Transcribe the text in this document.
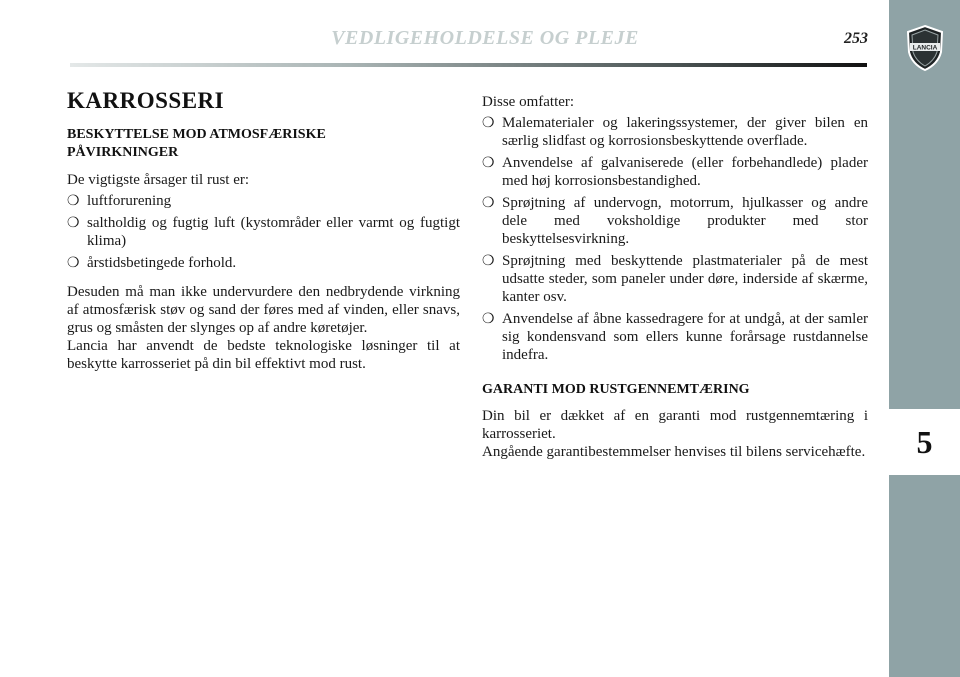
LANCIA
5
VEDLIGEHOLDELSE OG PLEJE	253
KARROSSERI

BESKYTTELSE MOD ATMOSFÆRISKE

PÅVIRKNINGER

De vigtigste årsager til rust er:

❍ luftforurening

❍ saltholdig og fugtig luft (kystområder eller varmt og fugtigt klima)

❍ årstidsbetingede forhold.

Desuden må man ikke undervurdere den nedbrydende virkning af atmosfærisk støv og sand der føres med af vinden, eller snavs, grus og småsten der slynges op af andre køretøjer.

Lancia har anvendt de bedste teknologiske løsninger til at beskytte karrosseriet på din bil effektivt mod rust.

Disse omfatter:

❍ Malematerialer og lakeringssystemer, der giver bilen en særlig slidfast og korrosionsbeskyttende overflade.

❍ Anvendelse af galvaniserede (eller forbehandlede) plader med høj korrosionsbestandighed.

❍ Sprøjtning af undervogn, motorrum, hjulkasser og andre dele med voksholdige produkter med stor beskyttelsesvirkning.

❍ Sprøjtning med beskyttende plastmaterialer på de mest udsatte steder, som paneler under døre, inderside af skærme, kanter osv.

❍ Anvendelse af åbne kassedragere for at undgå, at der samler sig kondensvand som ellers kunne forårsage rustdannelse indefra.

GARANTI MOD RUSTGENNEMTÆRING

Din bil er dækket af en garanti mod rustgennemtæring i karrosseriet.

Angående garantibestemmelser henvises til bilens servicehæfte.
